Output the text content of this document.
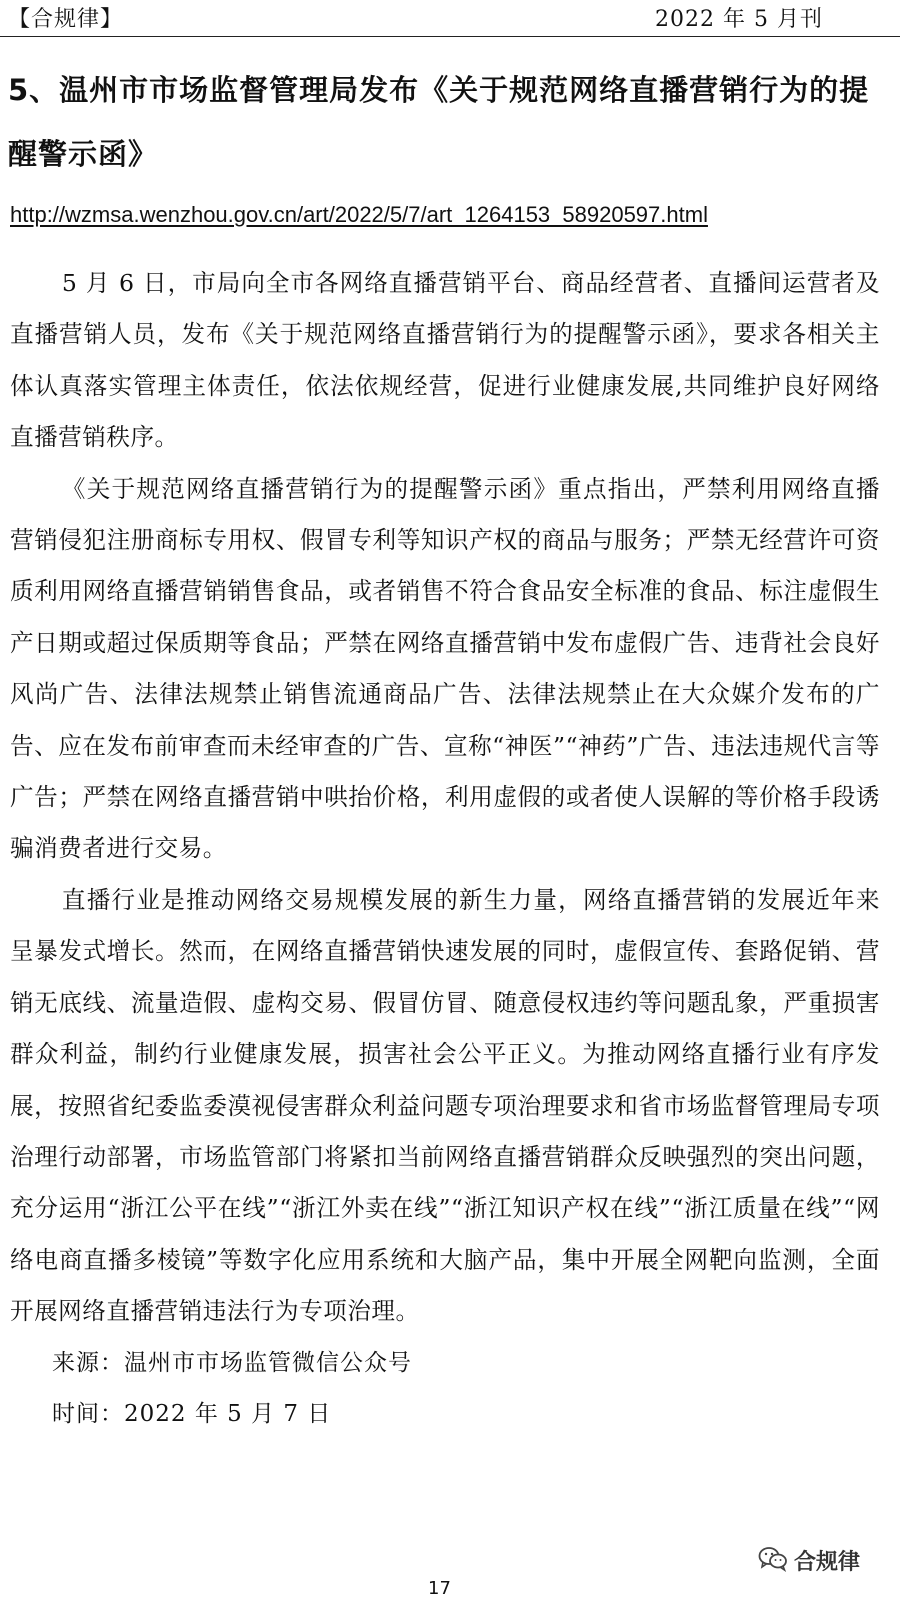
【合规律】	2022 年 5 月刊
5、温州市市场监督管理局发布《关于规范网络直播营销行为的提醒警示函》
http://wzmsa.wenzhou.gov.cn/art/2022/5/7/art_1264153_58920597.html

5 月 6 日，市局向全市各网络直播营销平台、商品经营者、直播间运营者及直播营销人员，发布《关于规范网络直播营销行为的提醒警示函》，要求各相关主体认真落实管理主体责任，依法依规经营，促进行业健康发展,共同维护良好网络直播营销秩序。

《关于规范网络直播营销行为的提醒警示函》重点指出，严禁利用网络直播营销侵犯注册商标专用权、假冒专利等知识产权的商品与服务；严禁无经营许可资质利用网络直播营销销售食品，或者销售不符合食品安全标准的食品、标注虚假生产日期或超过保质期等食品；严禁在网络直播营销中发布虚假广告、违背社会良好风尚广告、法律法规禁止销售流通商品广告、法律法规禁止在大众媒介发布的广告、应在发布前审查而未经审查的广告、宣称“神医”“神药”广告、违法违规代言等广告；严禁在网络直播营销中哄抬价格，利用虚假的或者使人误解的等价格手段诱骗消费者进行交易。

直播行业是推动网络交易规模发展的新生力量，网络直播营销的发展近年来呈暴发式增长。然而，在网络直播营销快速发展的同时，虚假宣传、套路促销、营销无底线、流量造假、虚构交易、假冒仿冒、随意侵权违约等问题乱象，严重损害群众利益，制约行业健康发展，损害社会公平正义。为推动网络直播行业有序发展，按照省纪委监委漠视侵害群众利益问题专项治理要求和省市场监督管理局专项治理行动部署，市场监管部门将紧扣当前网络直播营销群众反映强烈的突出问题，充分运用“浙江公平在线”“浙江外卖在线”“浙江知识产权在线”“浙江质量在线”“网络电商直播多棱镜”等数字化应用系统和大脑产品，集中开展全网靶向监测，全面开展网络直播营销违法行为专项治理。

来源：温州市市场监管微信公众号

时间：2022 年 5 月 7 日

合规律
17
